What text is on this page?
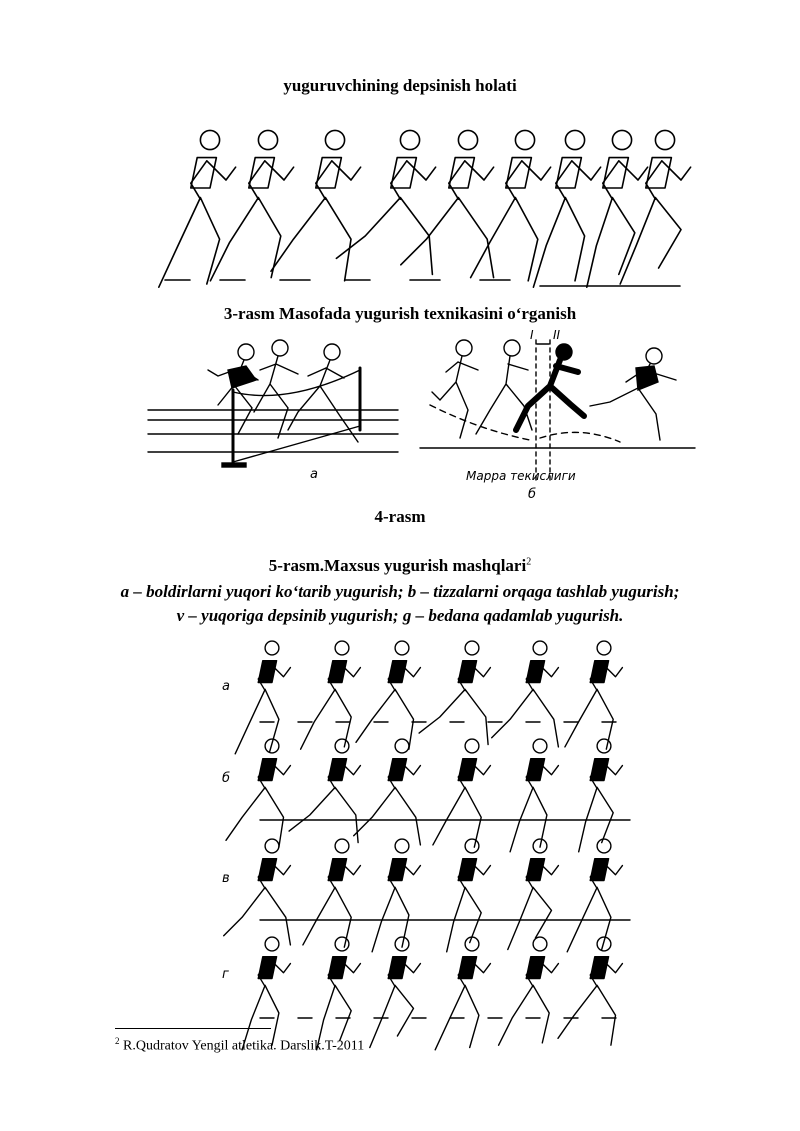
yuguruvchining depsinish holati
3-rasm Masofada yugurish texnikasini o‘rganish
а
I II
Марра текислиги
б
4-rasm
5-rasm.Maxsus yugurish mashqlari$^2$
a – boldirlarni yuqori ko‘tarib yugurish; b – tizzalarni orqaga tashlab yugurish;
v – yuqoriga depsinib yugurish; g – bedana qadamlab yugurish.
а
б
в
г
$^2$ R.Qudratov Yengil atletika. Darslik.T-2011
